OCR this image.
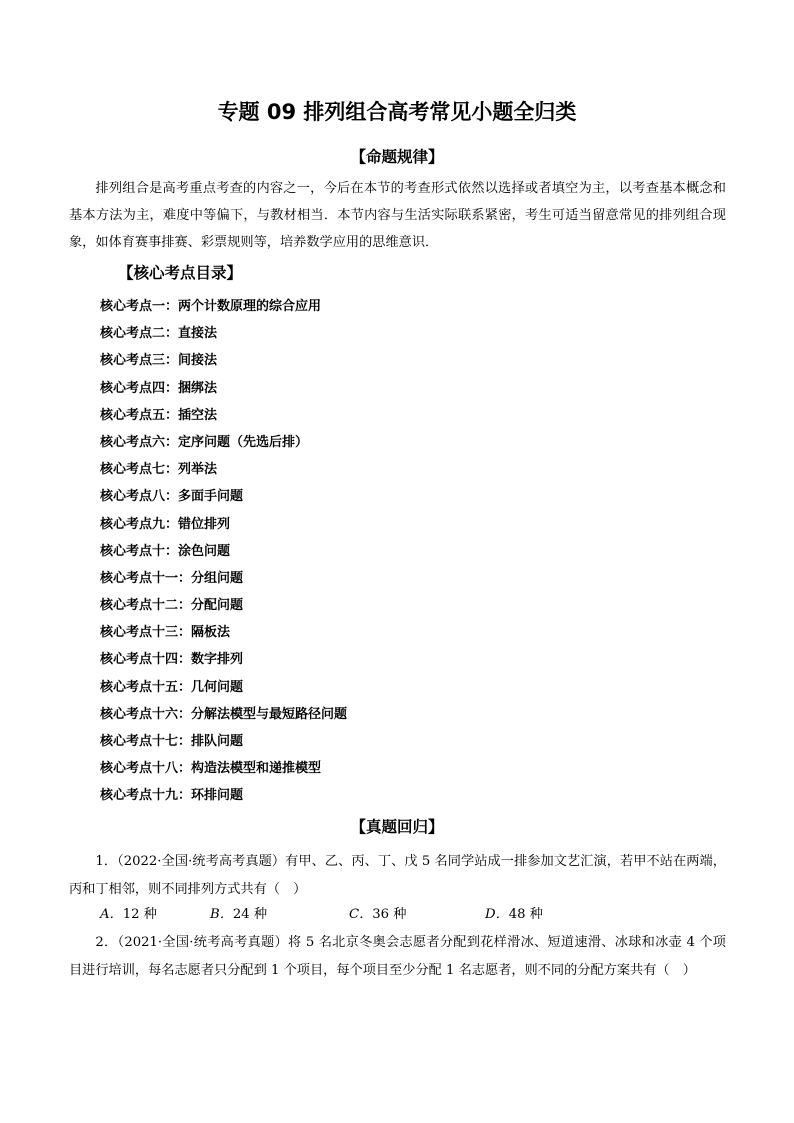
专题 09 排列组合高考常见小题全归类
【命题规律】
排列组合是高考重点考查的内容之一，今后在本节的考查形式依然以选择或者填空为主，以考查基本概念和基本方法为主，难度中等偏下，与教材相当．本节内容与生活实际联系紧密，考生可适当留意常见的排列组合现象，如体育赛事排赛、彩票规则等，培养数学应用的思维意识．
【核心考点目录】
核心考点一：两个计数原理的综合应用
核心考点二：直接法
核心考点三：间接法
核心考点四：捆绑法
核心考点五：插空法
核心考点六：定序问题（先选后排）
核心考点七：列举法
核心考点八：多面手问题
核心考点九：错位排列
核心考点十：涂色问题
核心考点十一：分组问题
核心考点十二：分配问题
核心考点十三：隔板法
核心考点十四：数字排列
核心考点十五：几何问题
核心考点十六：分解法模型与最短路径问题
核心考点十七：排队问题
核心考点十八：构造法模型和递推模型
核心考点十九：环排问题
【真题回归】
1．（2022·全国·统考高考真题）有甲、乙、丙、丁、戊 5 名同学站成一排参加文艺汇演，若甲不站在两端，丙和丁相邻，则不同排列方式共有（　）
A．12 种	B．24 种	C．36 种	D．48 种
2．（2021·全国·统考高考真题）将 5 名北京冬奥会志愿者分配到花样滑冰、短道速滑、冰球和冰壶 4 个项目进行培训，每名志愿者只分配到 1 个项目，每个项目至少分配 1 名志愿者，则不同的分配方案共有（　）
